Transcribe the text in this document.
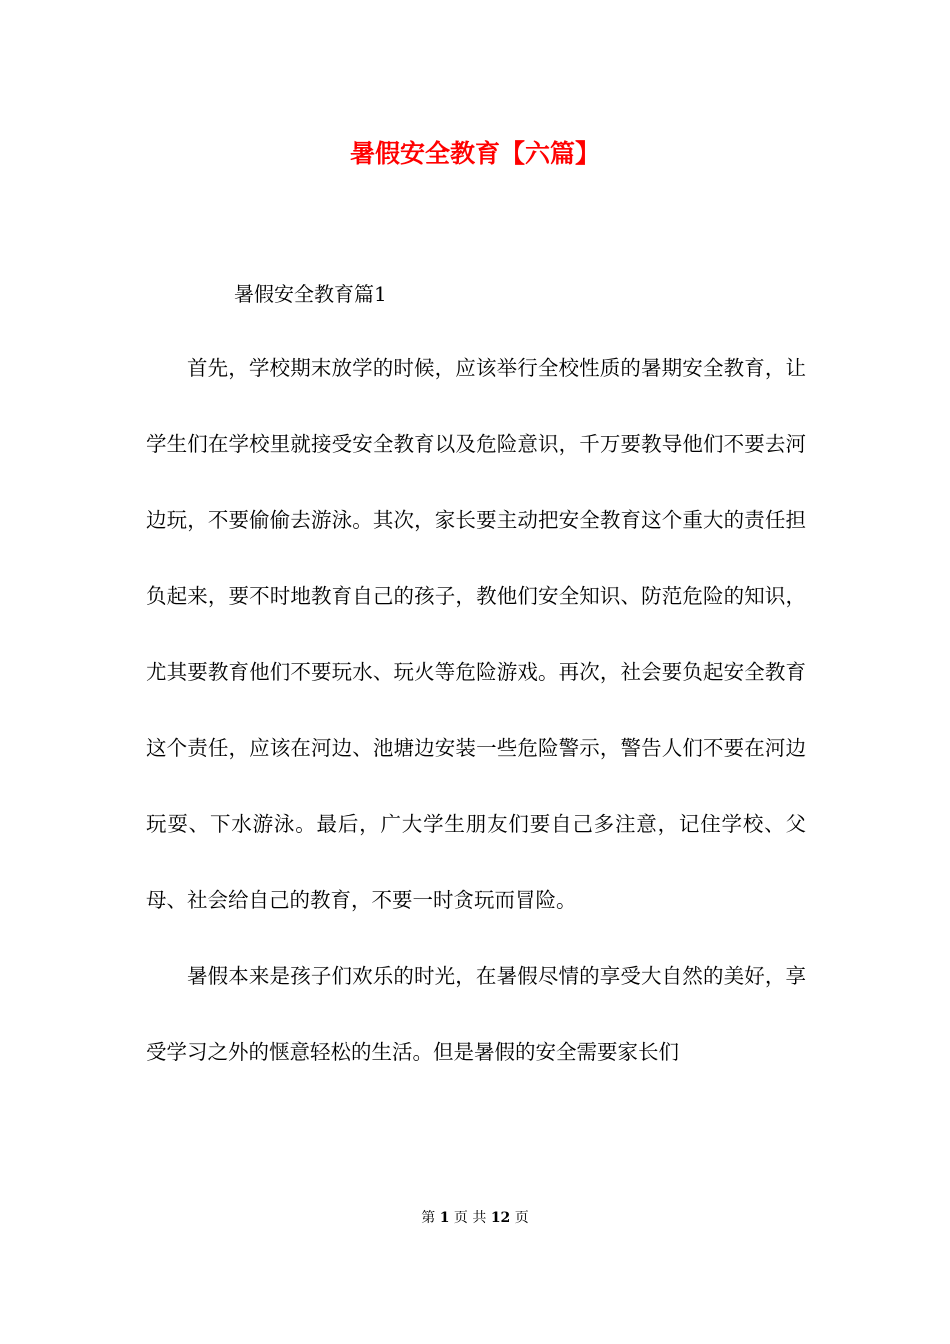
暑假安全教育【六篇】
暑假安全教育篇1

首先，学校期末放学的时候，应该举行全校性质的暑期安全教育，让学生们在学校里就接受安全教育以及危险意识，千万要教导他们不要去河边玩，不要偷偷去游泳。其次，家长要主动把安全教育这个重大的责任担负起来，要不时地教育自己的孩子，教他们安全知识、防范危险的知识，尤其要教育他们不要玩水、玩火等危险游戏。再次，社会要负起安全教育这个责任，应该在河边、池塘边安装一些危险警示，警告人们不要在河边玩耍、下水游泳。最后，广大学生朋友们要自己多注意，记住学校、父母、社会给自己的教育，不要一时贪玩而冒险。

暑假本来是孩子们欢乐的时光，在暑假尽情的享受大自然的美好，享受学习之外的惬意轻松的生活。但是暑假的安全需要家长们

第 1 页 共 12 页
